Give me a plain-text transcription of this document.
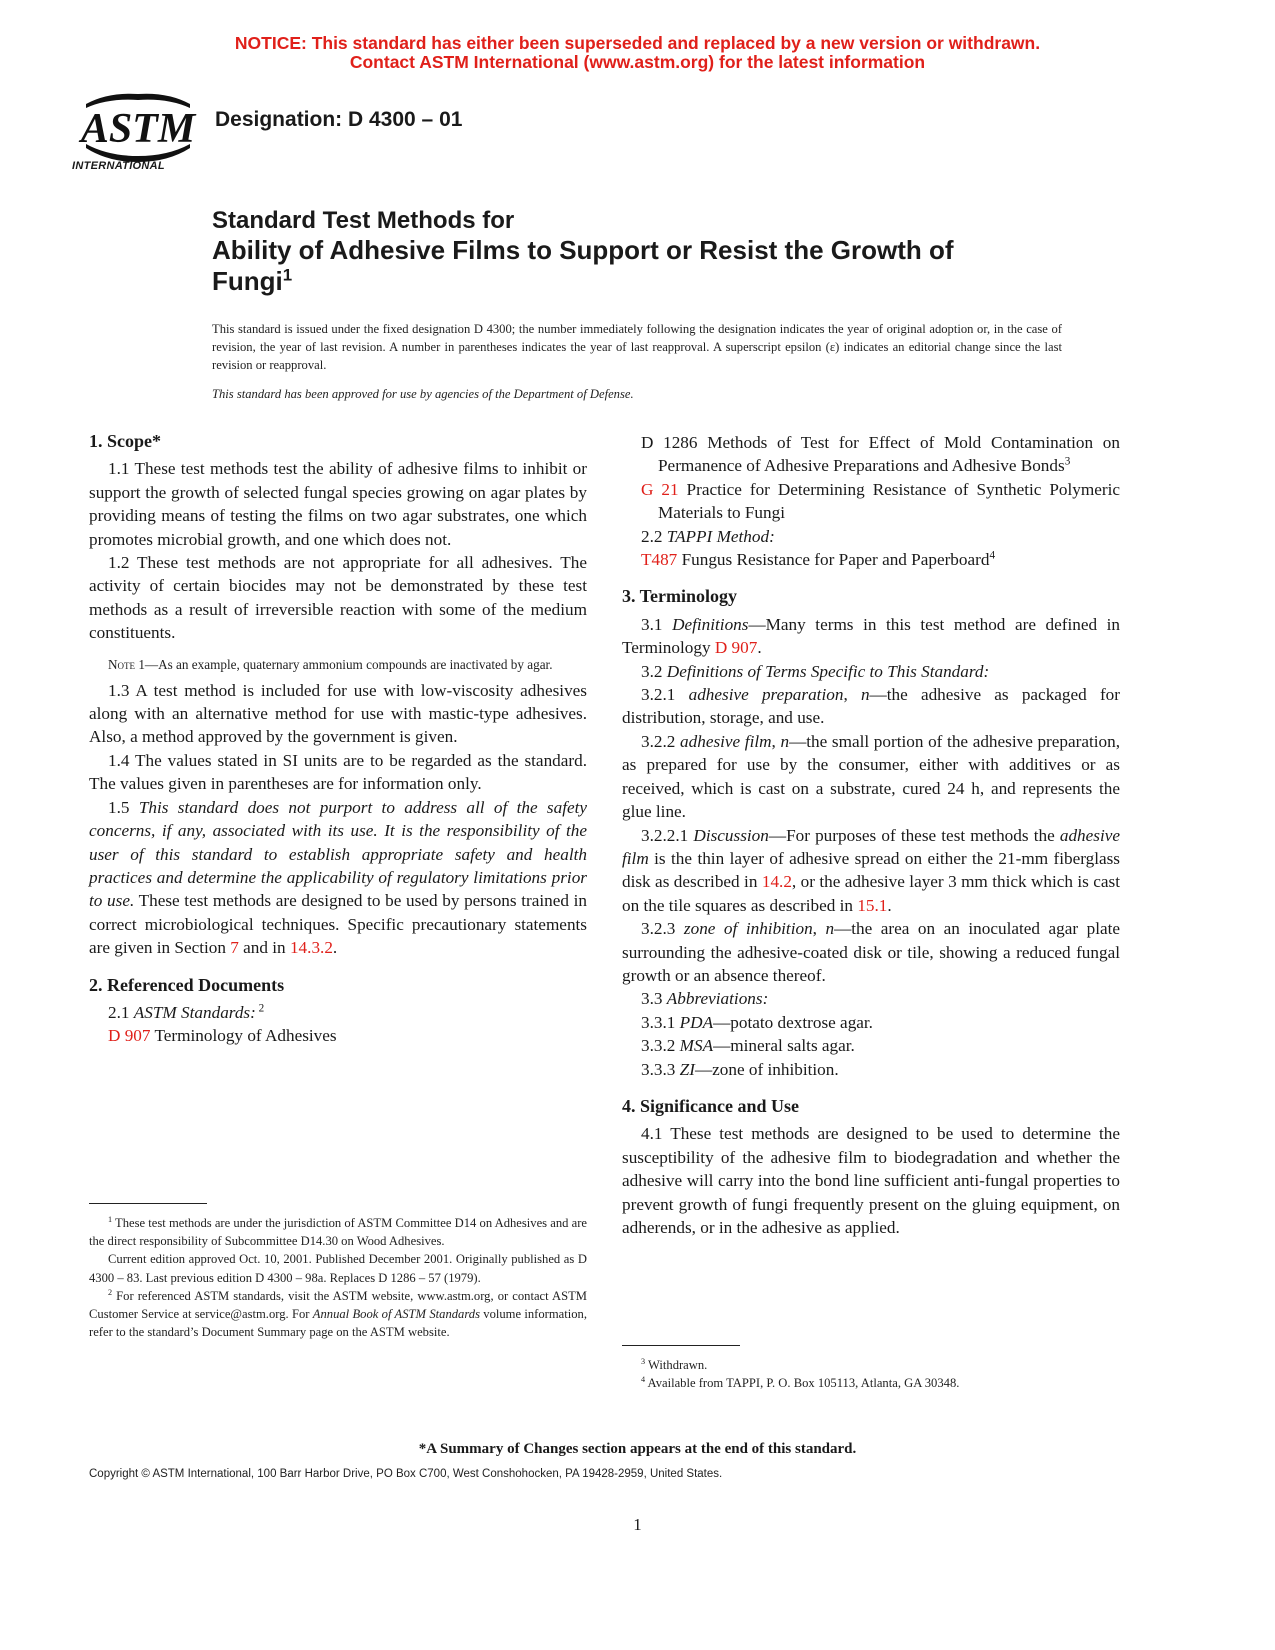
NOTICE: This standard has either been superseded and replaced by a new version or withdrawn.
Contact ASTM International (www.astm.org) for the latest information
ASTM
INTERNATIONAL
Designation: D 4300 – 01
Standard Test Methods for
Ability of Adhesive Films to Support or Resist the Growth of
Fungi$^1$
This standard is issued under the fixed designation D 4300; the number immediately following the designation indicates the year of original adoption or, in the case of revision, the year of last revision. A number in parentheses indicates the year of last reapproval. A superscript epsilon (ε) indicates an editorial change since the last revision or reapproval.
This standard has been approved for use by agencies of the Department of Defense.

1. Scope*

1.1 These test methods test the ability of adhesive films to inhibit or support the growth of selected fungal species growing on agar plates by providing means of testing the films on two agar substrates, one which promotes microbial growth, and one which does not.

1.2 These test methods are not appropriate for all adhesives. The activity of certain biocides may not be demonstrated by these test methods as a result of irreversible reaction with some of the medium constituents.

Note 1—As an example, quaternary ammonium compounds are inactivated by agar.

1.3 A test method is included for use with low-viscosity adhesives along with an alternative method for use with mastic-type adhesives. Also, a method approved by the government is given.

1.4 The values stated in SI units are to be regarded as the standard. The values given in parentheses are for information only.

1.5 This standard does not purport to address all of the safety concerns, if any, associated with its use. It is the responsibility of the user of this standard to establish appropriate safety and health practices and determine the applicability of regulatory limitations prior to use. These test methods are designed to be used by persons trained in correct microbiological techniques. Specific precautionary statements are given in Section 7 and in 14.3.2.

2. Referenced Documents

2.1 ASTM Standards: $^2$

D 907 Terminology of Adhesives

$^1$ These test methods are under the jurisdiction of ASTM Committee D14 on Adhesives and are the direct responsibility of Subcommittee D14.30 on Wood Adhesives.

Current edition approved Oct. 10, 2001. Published December 2001. Originally published as D 4300 – 83. Last previous edition D 4300 – 98a. Replaces D 1286 – 57 (1979).

$^2$ For referenced ASTM standards, visit the ASTM website, www.astm.org, or contact ASTM Customer Service at service@astm.org. For Annual Book of ASTM Standards volume information, refer to the standard’s Document Summary page on the ASTM website.

D 1286 Methods of Test for Effect of Mold Contamination on Permanence of Adhesive Preparations and Adhesive Bonds$^3$

G 21 Practice for Determining Resistance of Synthetic Polymeric Materials to Fungi

2.2 TAPPI Method:

T487 Fungus Resistance for Paper and Paperboard$^4$

3. Terminology

3.1 Definitions—Many terms in this test method are defined in Terminology D 907.

3.2 Definitions of Terms Specific to This Standard:

3.2.1 adhesive preparation, n—the adhesive as packaged for distribution, storage, and use.

3.2.2 adhesive film, n—the small portion of the adhesive preparation, as prepared for use by the consumer, either with additives or as received, which is cast on a substrate, cured 24 h, and represents the glue line.

3.2.2.1 Discussion—For purposes of these test methods the adhesive film is the thin layer of adhesive spread on either the 21-mm fiberglass disk as described in 14.2, or the adhesive layer 3 mm thick which is cast on the tile squares as described in 15.1.

3.2.3 zone of inhibition, n—the area on an inoculated agar plate surrounding the adhesive-coated disk or tile, showing a reduced fungal growth or an absence thereof.

3.3 Abbreviations:

3.3.1 PDA—potato dextrose agar.

3.3.2 MSA—mineral salts agar.

3.3.3 ZI—zone of inhibition.

4. Significance and Use

4.1 These test methods are designed to be used to determine the susceptibility of the adhesive film to biodegradation and whether the adhesive will carry into the bond line sufficient anti-fungal properties to prevent growth of fungi frequently present on the gluing equipment, on adherends, or in the adhesive as applied.

$^3$ Withdrawn.

$^4$ Available from TAPPI, P. O. Box 105113, Atlanta, GA 30348.

*A Summary of Changes section appears at the end of this standard.
Copyright © ASTM International, 100 Barr Harbor Drive, PO Box C700, West Conshohocken, PA 19428-2959, United States.
1
